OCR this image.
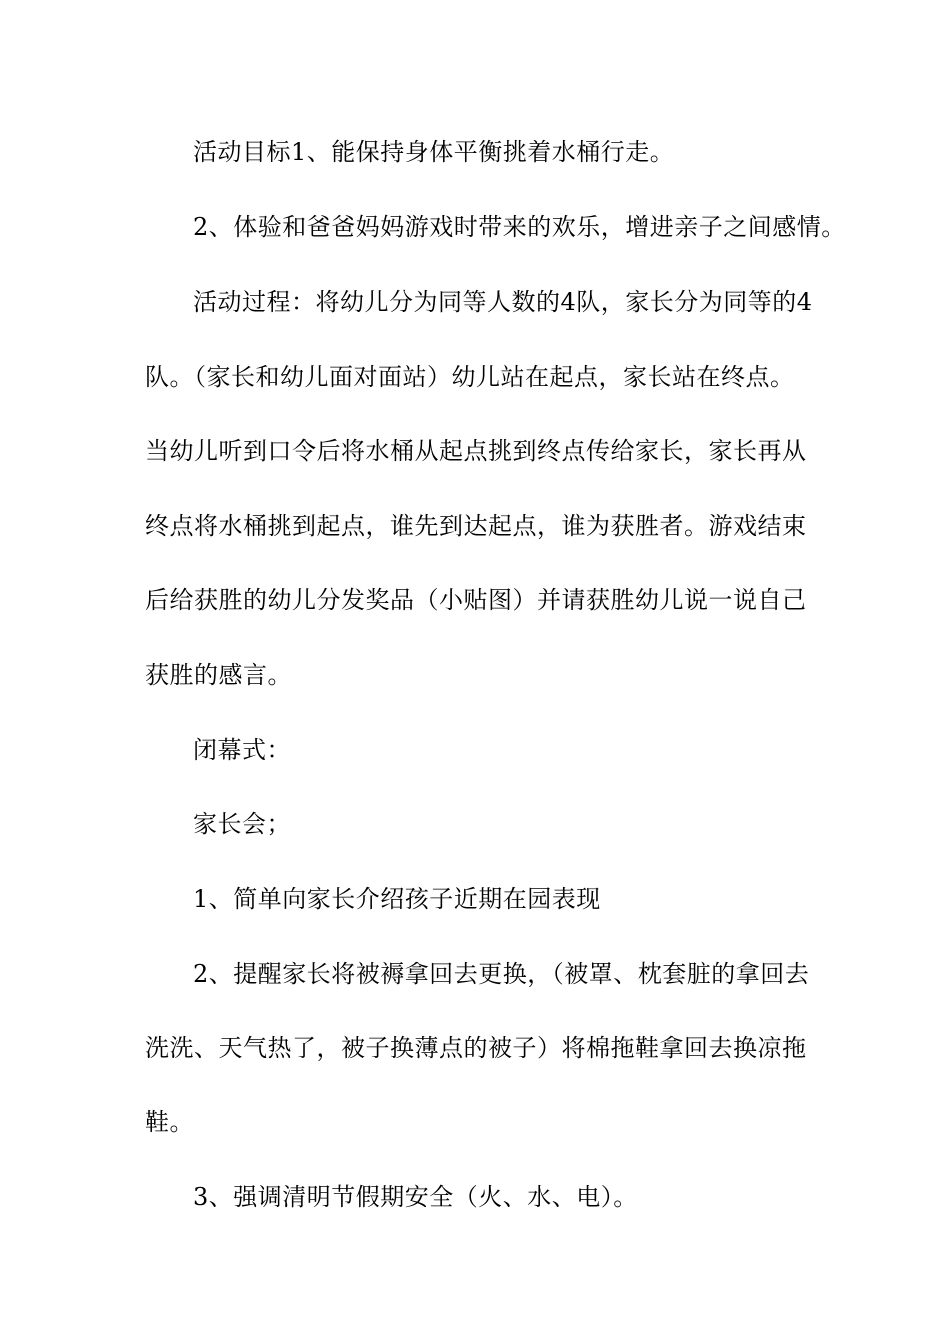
活动目标1、能保持身体平衡挑着水桶行走。
2、体验和爸爸妈妈游戏时带来的欢乐，增进亲子之间感情。
活动过程：将幼儿分为同等人数的4队，家长分为同等的4
队。（家长和幼儿面对面站）幼儿站在起点，家长站在终点。
当幼儿听到口令后将水桶从起点挑到终点传给家长，家长再从
终点将水桶挑到起点，谁先到达起点，谁为获胜者。游戏结束
后给获胜的幼儿分发奖品（小贴图）并请获胜幼儿说一说自己
获胜的感言。
闭幕式：
家长会；
1、简单向家长介绍孩子近期在园表现
2、提醒家长将被褥拿回去更换，（被罩、枕套脏的拿回去
洗洗、天气热了，被子换薄点的被子）将棉拖鞋拿回去换凉拖
鞋。
3、强调清明节假期安全（火、水、电）。
